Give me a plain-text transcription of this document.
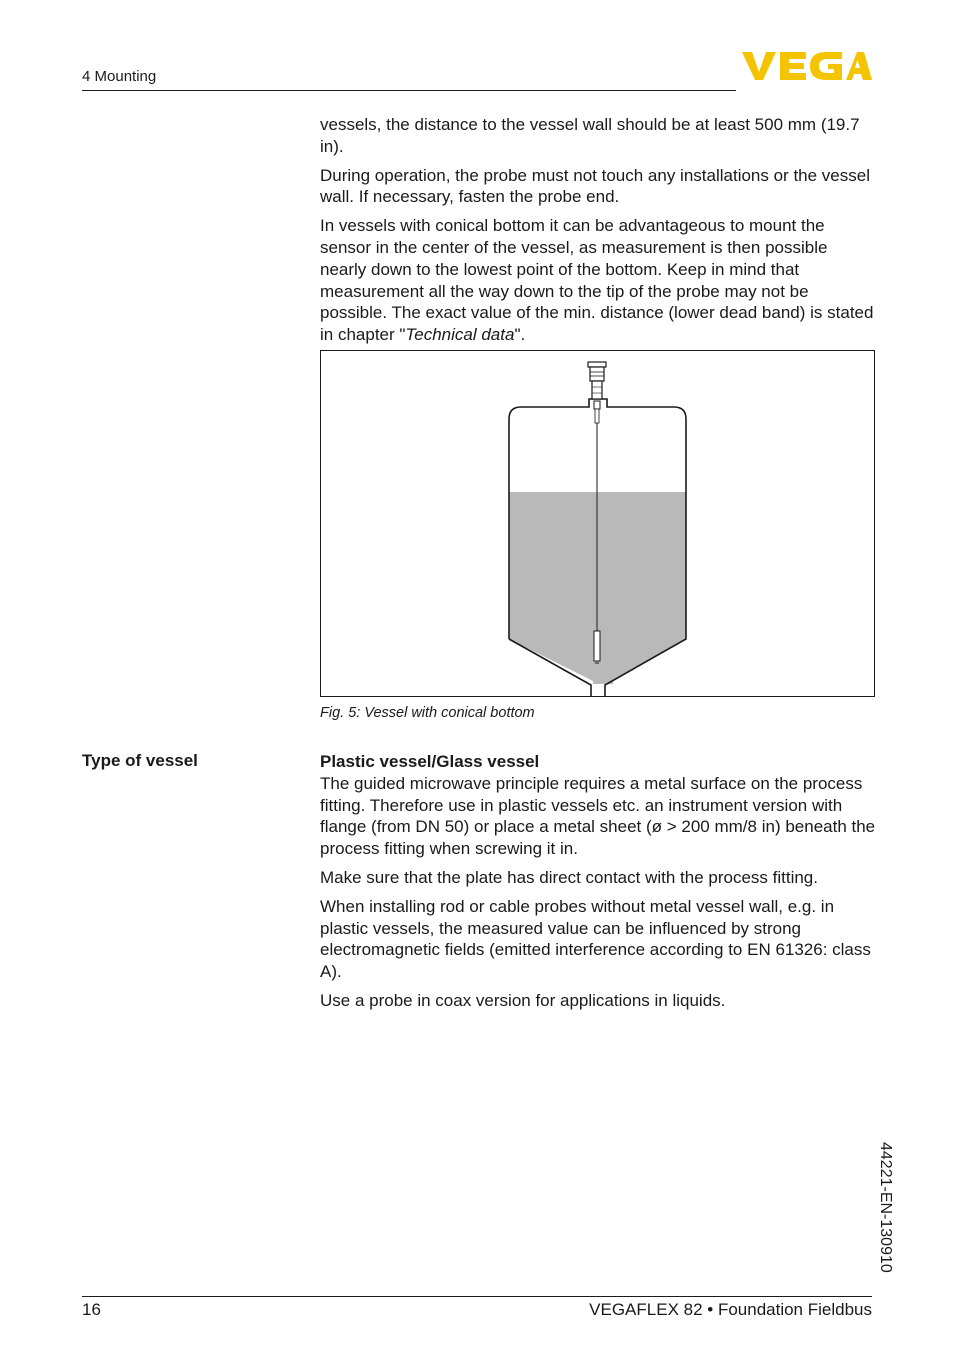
4 Mounting

vessels, the distance to the vessel wall should be at least 500 mm (19.7 in).

During operation, the probe must not touch any installations or the vessel wall. If necessary, fasten the probe end.

In vessels with conical bottom it can be advantageous to mount the sensor in the center of the vessel, as measurement is then possible nearly down to the lowest point of the bottom. Keep in mind that measurement all the way down to the tip of the probe may not be possible. The exact value of the min. distance (lower dead band) is stated in chapter "Technical data".

Fig. 5: Vessel with conical bottom
Type of vessel	Plastic vessel/Glass vessel

The guided microwave principle requires a metal surface on the process fitting. Therefore use in plastic vessels etc. an instrument version with flange (from DN 50) or place a metal sheet (ø > 200 mm/8 in) beneath the process fitting when screwing it in.

Make sure that the plate has direct contact with the process fitting.

When installing rod or cable probes without metal vessel wall, e.g. in plastic vessels, the measured value can be influenced by strong electromagnetic fields (emitted interference according to EN 61326: class A).

Use a probe in coax version for applications in liquids.

44221-EN-130910
16	VEGAFLEX 82 • Foundation Fieldbus
